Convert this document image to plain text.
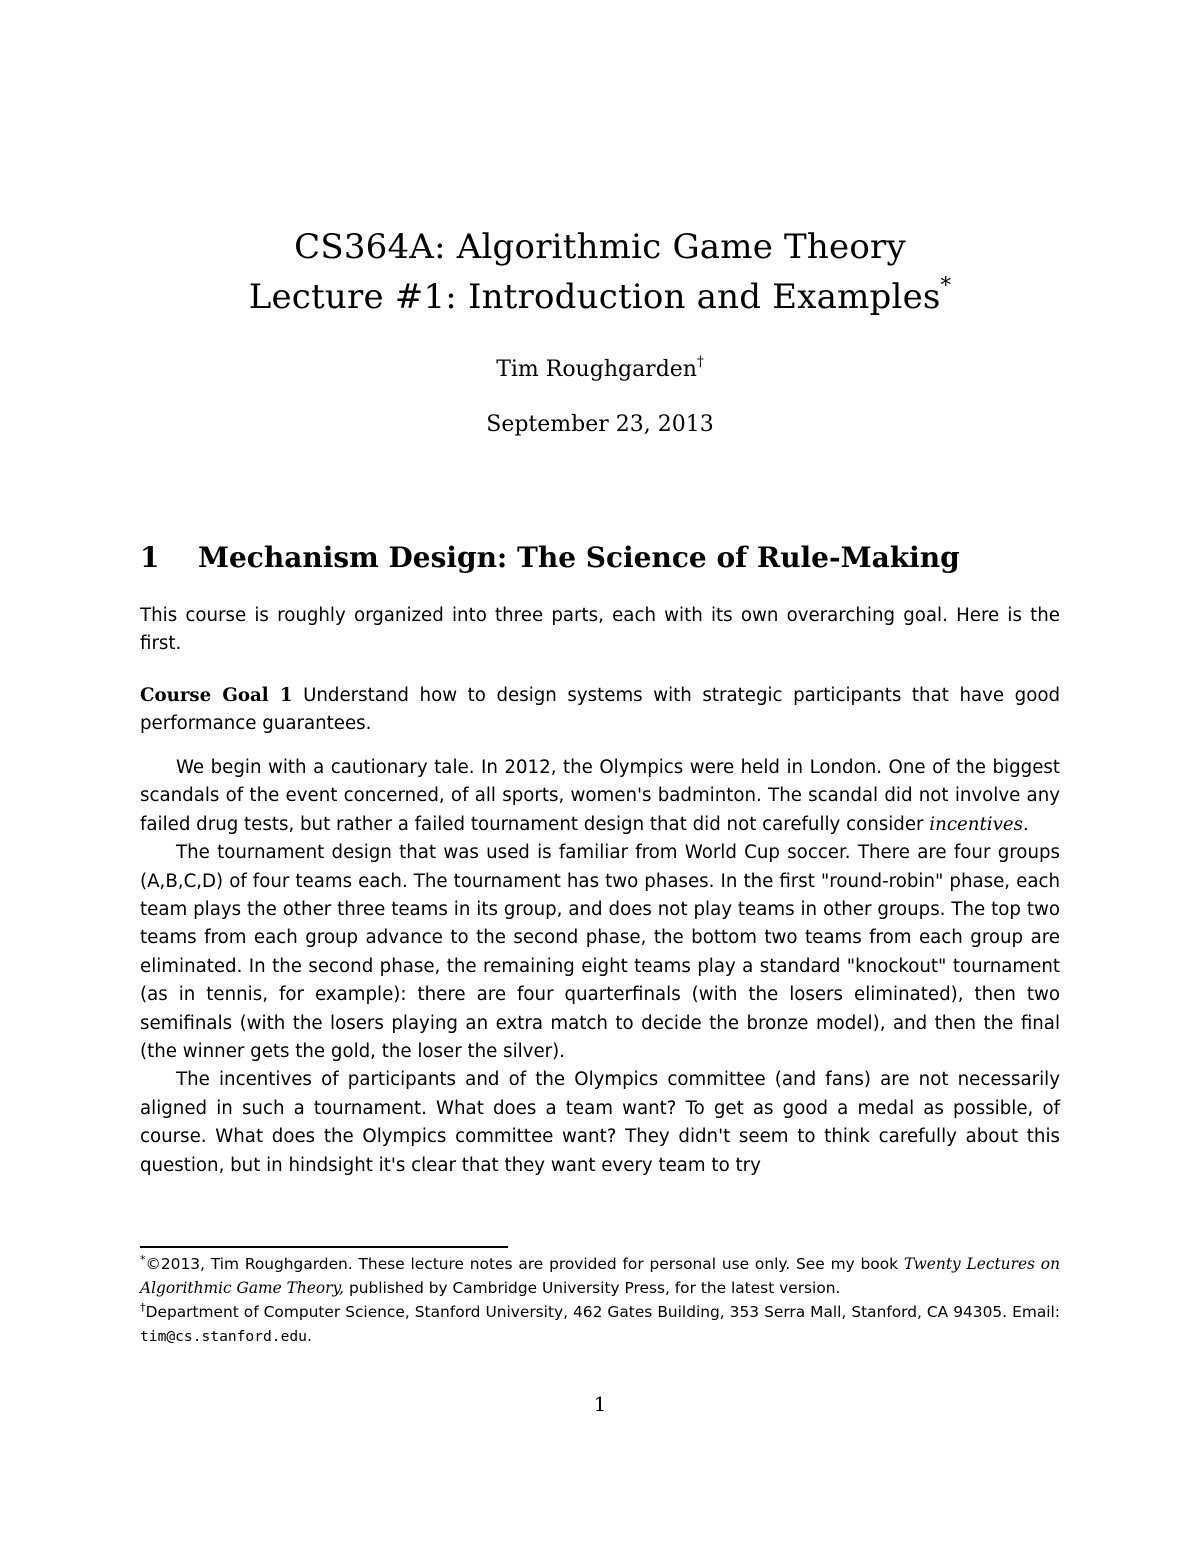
CS364A: Algorithmic Game Theory
Lecture #1: Introduction and Examples*
Tim Roughgarden†
September 23, 2013
1 Mechanism Design: The Science of Rule-Making

This course is roughly organized into three parts, each with its own overarching goal. Here is the first.

Course Goal 1 Understand how to design systems with strategic participants that have good performance guarantees.

We begin with a cautionary tale. In 2012, the Olympics were held in London. One of the biggest scandals of the event concerned, of all sports, women's badminton. The scandal did not involve any failed drug tests, but rather a failed tournament design that did not carefully consider incentives.

The tournament design that was used is familiar from World Cup soccer. There are four groups (A,B,C,D) of four teams each. The tournament has two phases. In the first "round-robin" phase, each team plays the other three teams in its group, and does not play teams in other groups. The top two teams from each group advance to the second phase, the bottom two teams from each group are eliminated. In the second phase, the remaining eight teams play a standard "knockout" tournament (as in tennis, for example): there are four quarterfinals (with the losers eliminated), then two semifinals (with the losers playing an extra match to decide the bronze model), and then the final (the winner gets the gold, the loser the silver).

The incentives of participants and of the Olympics committee (and fans) are not necessarily aligned in such a tournament. What does a team want? To get as good a medal as possible, of course. What does the Olympics committee want? They didn't seem to think carefully about this question, but in hindsight it's clear that they want every team to try

*©2013, Tim Roughgarden. These lecture notes are provided for personal use only. See my book Twenty Lectures on Algorithmic Game Theory, published by Cambridge University Press, for the latest version.

†Department of Computer Science, Stanford University, 462 Gates Building, 353 Serra Mall, Stanford, CA 94305. Email: tim@cs.stanford.edu.

1
